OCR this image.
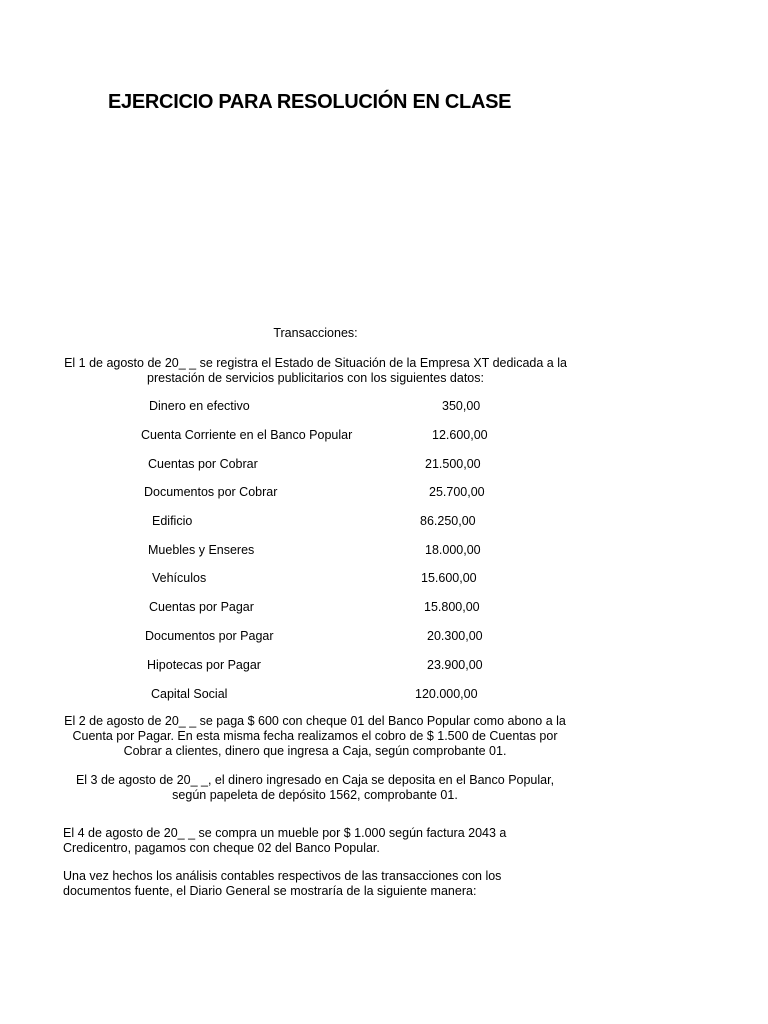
EJERCICIO PARA RESOLUCIÓN EN CLASE
Transacciones:
El 1 de agosto de 20_ _ se registra el Estado de Situación de la Empresa XT dedicada a la
prestación de servicios publicitarios con los siguientes datos:
Dinero en efectivo	350,00
Cuenta Corriente en el Banco Popular	12.600,00
Cuentas por Cobrar	21.500,00
Documentos por Cobrar	25.700,00
Edificio	86.250,00
Muebles y Enseres	18.000,00
Vehículos	15.600,00
Cuentas por Pagar	15.800,00
Documentos por Pagar	20.300,00
Hipotecas por Pagar	23.900,00
Capital Social	120.000,00
El 2 de agosto de 20_ _ se paga $ 600 con cheque 01 del Banco Popular como abono a la
Cuenta por Pagar. En esta misma fecha realizamos el cobro de $ 1.500 de Cuentas por
Cobrar a clientes, dinero que ingresa a Caja, según comprobante 01.
El 3 de agosto de 20_ _, el dinero ingresado en Caja se deposita en el Banco Popular,
según papeleta de depósito 1562, comprobante 01.
El 4 de agosto de 20_ _ se compra un mueble por $ 1.000 según factura 2043 a
Credicentro, pagamos con cheque 02 del Banco Popular.
Una vez hechos los análisis contables respectivos de las transacciones con los
documentos fuente, el Diario General se mostraría de la siguiente manera:
